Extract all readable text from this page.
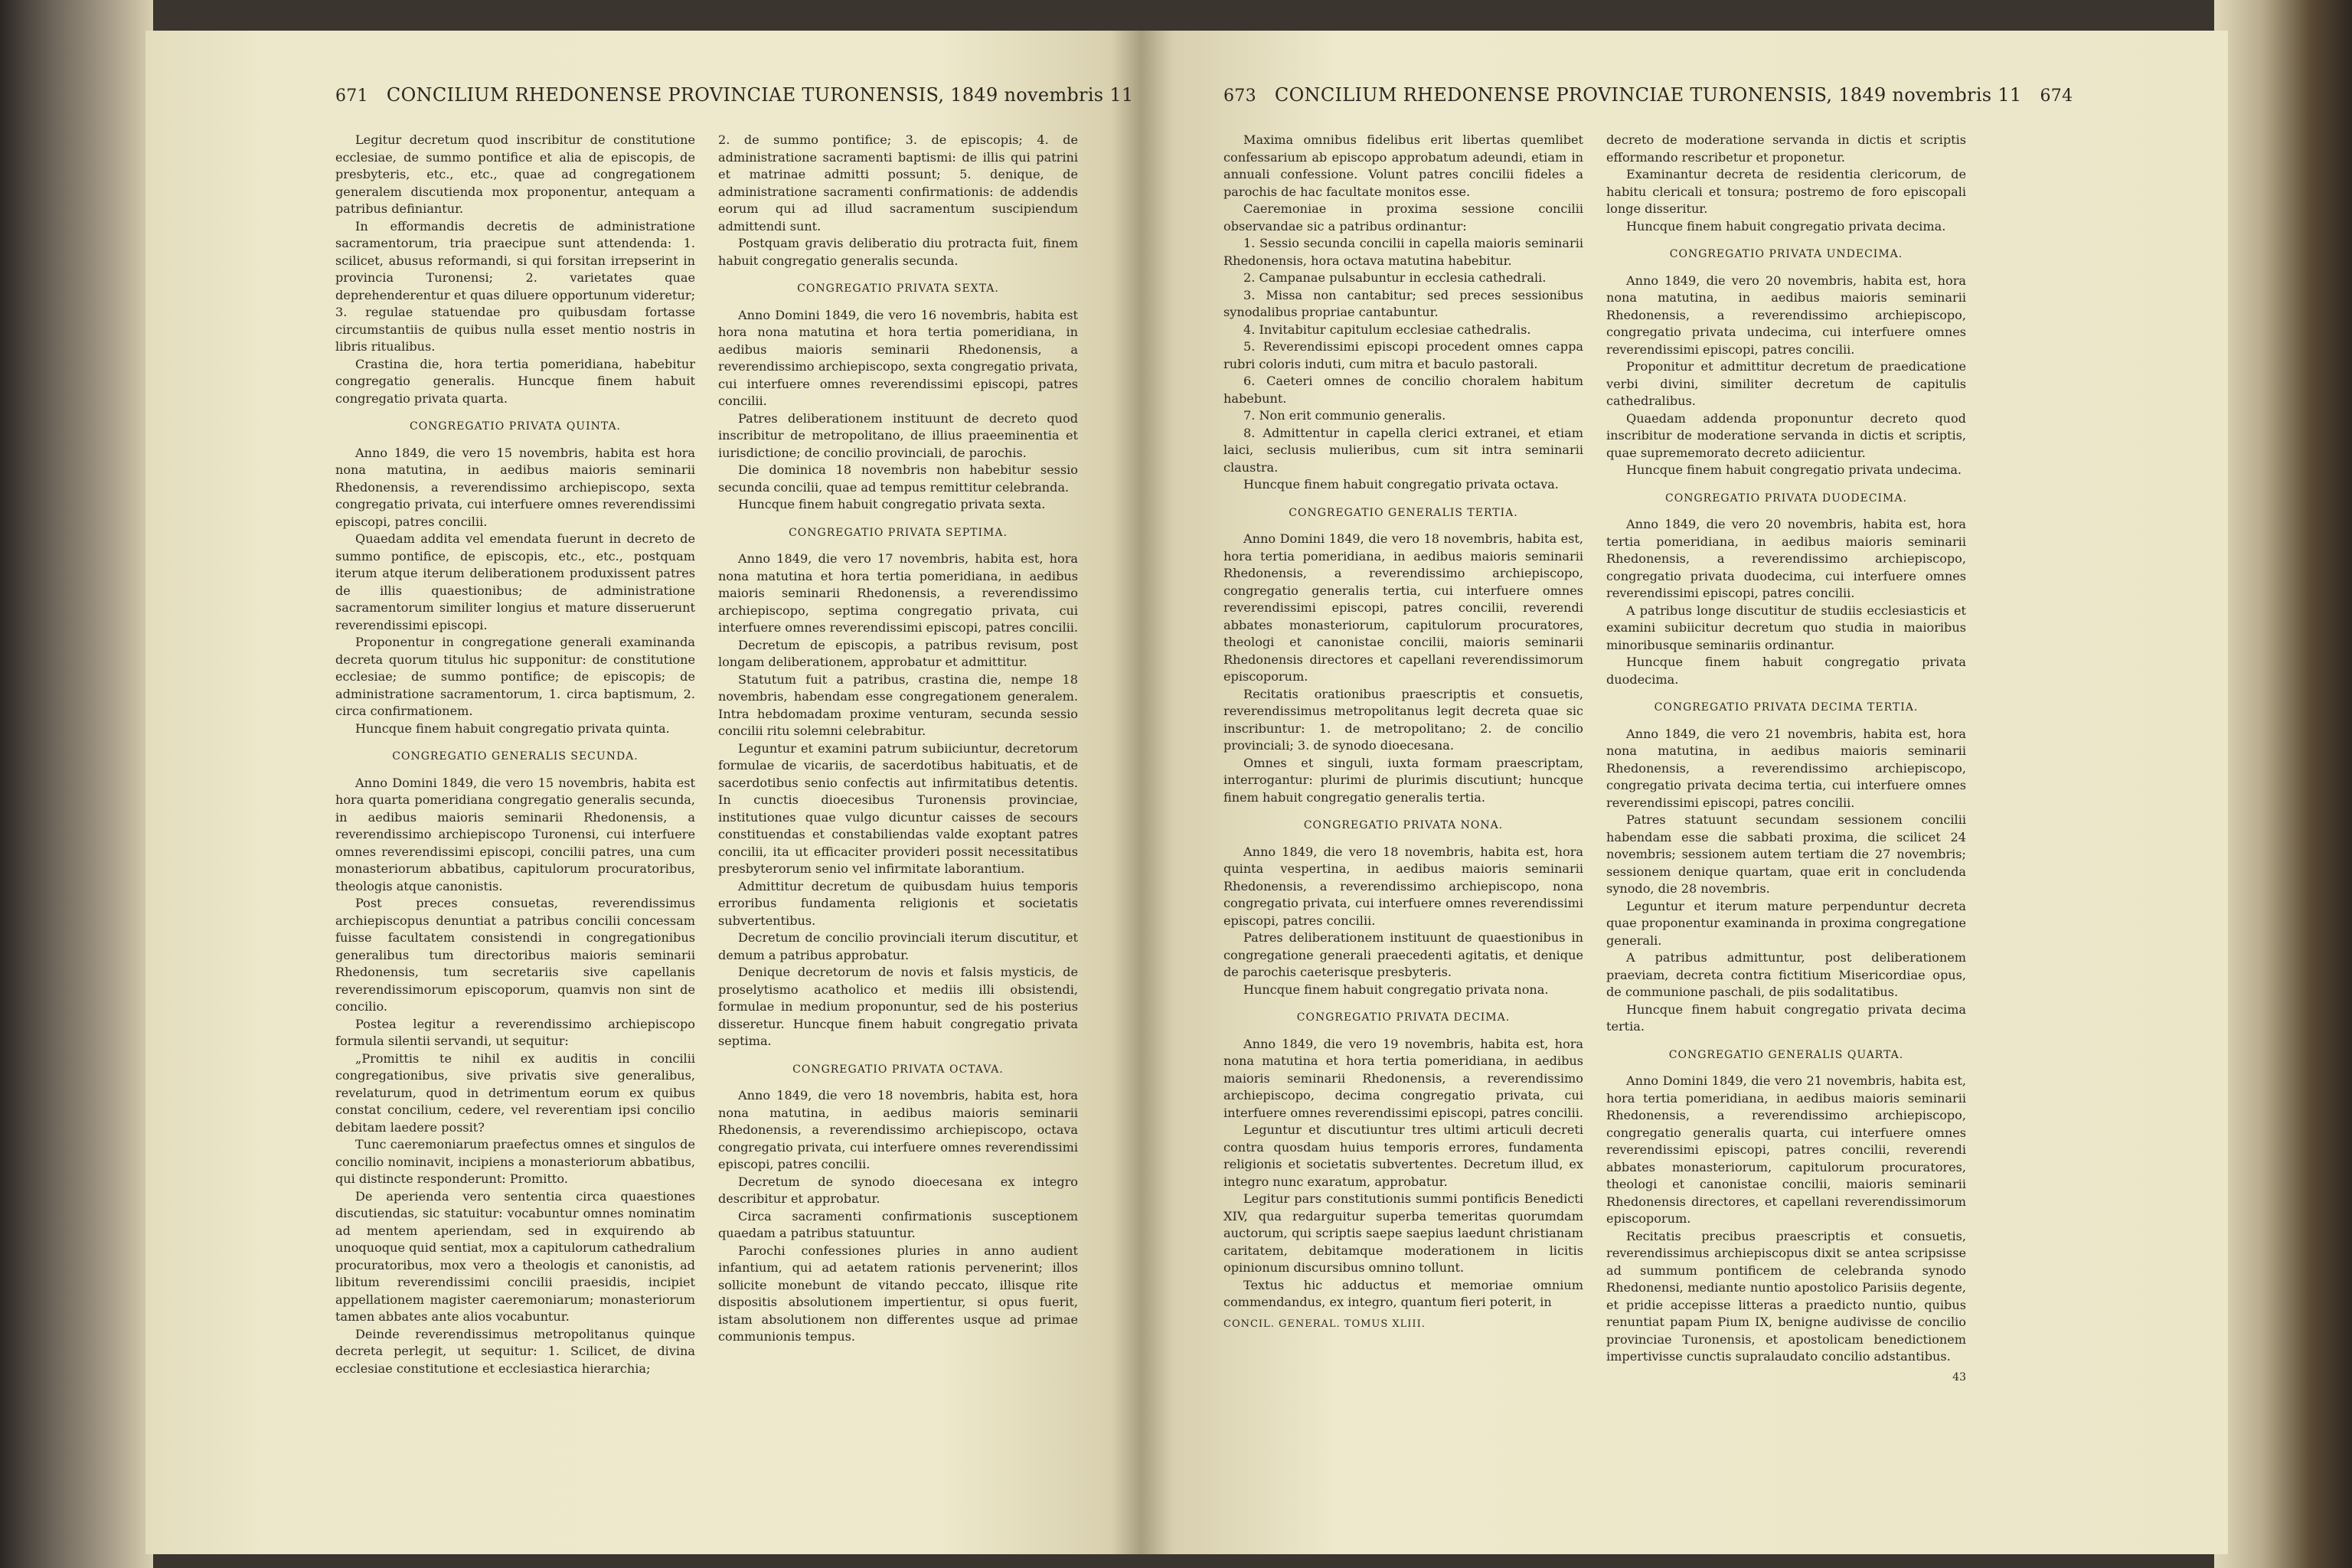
671 CONCILIUM RHEDONENSE PROVINCIAE TURONENSIS, 1849 novembris 11

Legitur decretum quod inscribitur de constitutione ecclesiae, de summo pontifice et alia de episcopis, de presbyteris, etc., etc., quae ad congregationem generalem discutienda mox proponentur, antequam a patribus definiantur.

In efformandis decretis de administratione sacramentorum, tria praecipue sunt attendenda: 1. scilicet, abusus reformandi, si qui forsitan irrepserint in provincia Turonensi; 2. varietates quae deprehenderentur et quas diluere opportunum videretur; 3. regulae statuendae pro quibusdam fortasse circumstantiis de quibus nulla esset mentio nostris in libris ritualibus.

Crastina die, hora tertia pomeridiana, habebitur congregatio generalis. Huncque finem habuit congregatio privata quarta.

CONGREGATIO PRIVATA QUINTA.

Anno 1849, die vero 15 novembris, habita est hora nona matutina, in aedibus maioris seminarii Rhedonensis, a reverendissimo archiepiscopo, sexta congregatio privata, cui interfuere omnes reverendissimi episcopi, patres concilii.

Quaedam addita vel emendata fuerunt in decreto de summo pontifice, de episcopis, etc., etc., postquam iterum atque iterum deliberationem produxissent patres de illis quaestionibus; de administratione sacramentorum similiter longius et mature disseruerunt reverendissimi episcopi.

Proponentur in congregatione generali examinanda decreta quorum titulus hic supponitur: de constitutione ecclesiae; de summo pontifice; de episcopis; de administratione sacramentorum, 1. circa baptismum, 2. circa confirmationem.

Huncque finem habuit congregatio privata quinta.

CONGREGATIO GENERALIS SECUNDA.

Anno Domini 1849, die vero 15 novembris, habita est hora quarta pomeridiana congregatio generalis secunda, in aedibus maioris seminarii Rhedonensis, a reverendissimo archiepiscopo Turonensi, cui interfuere omnes reverendissimi episcopi, concilii patres, una cum monasteriorum abbatibus, capitulorum procuratoribus, theologis atque canonistis.

Post preces consuetas, reverendissimus archiepiscopus denuntiat a patribus concilii concessam fuisse facultatem consistendi in congregationibus generalibus tum directoribus maioris seminarii Rhedonensis, tum secretariis sive capellanis reverendissimorum episcoporum, quamvis non sint de concilio.

Postea legitur a reverendissimo archiepiscopo formula silentii servandi, ut sequitur:

„Promittis te nihil ex auditis in concilii congregationibus, sive privatis sive generalibus, revelaturum, quod in detrimentum eorum ex quibus constat concilium, cedere, vel reverentiam ipsi concilio debitam laedere possit?

Tunc caeremoniarum praefectus omnes et singulos de concilio nominavit, incipiens a monasteriorum abbatibus, qui distincte responderunt: Promitto.

De aperienda vero sententia circa quaestiones discutiendas, sic statuitur: vocabuntur omnes nominatim ad mentem aperiendam, sed in exquirendo ab unoquoque quid sentiat, mox a capitulorum cathedralium procuratoribus, mox vero a theologis et canonistis, ad libitum reverendissimi concilii praesidis, incipiet appellationem magister caeremoniarum; monasteriorum tamen abbates ante alios vocabuntur.

Deinde reverendissimus metropolitanus quinque decreta perlegit, ut sequitur: 1. Scilicet, de divina ecclesiae constitutione et ecclesiastica hierarchia;

2. de summo pontifice; 3. de episcopis; 4. de administratione sacramenti baptismi: de illis qui patrini et matrinae admitti possunt; 5. denique, de administratione sacramenti confirmationis: de addendis eorum qui ad illud sacramentum suscipiendum admittendi sunt.

Postquam gravis deliberatio diu protracta fuit, finem habuit congregatio generalis secunda.

CONGREGATIO PRIVATA SEXTA.

Anno Domini 1849, die vero 16 novembris, habita est hora nona matutina et hora tertia pomeridiana, in aedibus maioris seminarii Rhedonensis, a reverendissimo archiepiscopo, sexta congregatio privata, cui interfuere omnes reverendissimi episcopi, patres concilii.

Patres deliberationem instituunt de decreto quod inscribitur de metropolitano, de illius praeeminentia et iurisdictione; de concilio provinciali, de parochis.

Die dominica 18 novembris non habebitur sessio secunda concilii, quae ad tempus remittitur celebranda.

Huncque finem habuit congregatio privata sexta.

CONGREGATIO PRIVATA SEPTIMA.

Anno 1849, die vero 17 novembris, habita est, hora nona matutina et hora tertia pomeridiana, in aedibus maioris seminarii Rhedonensis, a reverendissimo archiepiscopo, septima congregatio privata, cui interfuere omnes reverendissimi episcopi, patres concilii.

Decretum de episcopis, a patribus revisum, post longam deliberationem, approbatur et admittitur.

Statutum fuit a patribus, crastina die, nempe 18 novembris, habendam esse congregationem generalem. Intra hebdomadam proxime venturam, secunda sessio concilii ritu solemni celebrabitur.

Leguntur et examini patrum subiiciuntur, decretorum formulae de vicariis, de sacerdotibus habituatis, et de sacerdotibus senio confectis aut infirmitatibus detentis. In cunctis dioecesibus Turonensis provinciae, institutiones quae vulgo dicuntur caisses de secours constituendas et constabiliendas valde exoptant patres concilii, ita ut efficaciter provideri possit necessitatibus presbyterorum senio vel infirmitate laborantium.

Admittitur decretum de quibusdam huius temporis erroribus fundamenta religionis et societatis subvertentibus.

Decretum de concilio provinciali iterum discutitur, et demum a patribus approbatur.

Denique decretorum de novis et falsis mysticis, de proselytismo acatholico et mediis illi obsistendi, formulae in medium proponuntur, sed de his posterius disseretur. Huncque finem habuit congregatio privata septima.

CONGREGATIO PRIVATA OCTAVA.

Anno 1849, die vero 18 novembris, habita est, hora nona matutina, in aedibus maioris seminarii Rhedonensis, a reverendissimo archiepiscopo, octava congregatio privata, cui interfuere omnes reverendissimi episcopi, patres concilii.

Decretum de synodo dioecesana ex integro describitur et approbatur.

Circa sacramenti confirmationis susceptionem quaedam a patribus statuuntur.

Parochi confessiones pluries in anno audient infantium, qui ad aetatem rationis pervenerint; illos sollicite monebunt de vitando peccato, illisque rite dispositis absolutionem impertientur, si opus fuerit, istam absolutionem non differentes usque ad primae communionis tempus.

673 CONCILIUM RHEDONENSE PROVINCIAE TURONENSIS, 1849 novembris 11 674

Maxima omnibus fidelibus erit libertas quemlibet confessarium ab episcopo approbatum adeundi, etiam in annuali confessione. Volunt patres concilii fideles a parochis de hac facultate monitos esse.

Caeremoniae in proxima sessione concilii observandae sic a patribus ordinantur:

1. Sessio secunda concilii in capella maioris seminarii Rhedonensis, hora octava matutina habebitur.

2. Campanae pulsabuntur in ecclesia cathedrali.

3. Missa non cantabitur; sed preces sessionibus synodalibus propriae cantabuntur.

4. Invitabitur capitulum ecclesiae cathedralis.

5. Reverendissimi episcopi procedent omnes cappa rubri coloris induti, cum mitra et baculo pastorali.

6. Caeteri omnes de concilio choralem habitum habebunt.

7. Non erit communio generalis.

8. Admittentur in capella clerici extranei, et etiam laici, seclusis mulieribus, cum sit intra seminarii claustra.

Huncque finem habuit congregatio privata octava.

CONGREGATIO GENERALIS TERTIA.

Anno Domini 1849, die vero 18 novembris, habita est, hora tertia pomeridiana, in aedibus maioris seminarii Rhedonensis, a reverendissimo archiepiscopo, congregatio generalis tertia, cui interfuere omnes reverendissimi episcopi, patres concilii, reverendi abbates monasteriorum, capitulorum procuratores, theologi et canonistae concilii, maioris seminarii Rhedonensis directores et capellani reverendissimorum episcoporum.

Recitatis orationibus praescriptis et consuetis, reverendissimus metropolitanus legit decreta quae sic inscribuntur: 1. de metropolitano; 2. de concilio provinciali; 3. de synodo dioecesana.

Omnes et singuli, iuxta formam praescriptam, interrogantur: plurimi de plurimis discutiunt; huncque finem habuit congregatio generalis tertia.

CONGREGATIO PRIVATA NONA.

Anno 1849, die vero 18 novembris, habita est, hora quinta vespertina, in aedibus maioris seminarii Rhedonensis, a reverendissimo archiepiscopo, nona congregatio privata, cui interfuere omnes reverendissimi episcopi, patres concilii.

Patres deliberationem instituunt de quaestionibus in congregatione generali praecedenti agitatis, et denique de parochis caeterisque presbyteris.

Huncque finem habuit congregatio privata nona.

CONGREGATIO PRIVATA DECIMA.

Anno 1849, die vero 19 novembris, habita est, hora nona matutina et hora tertia pomeridiana, in aedibus maioris seminarii Rhedonensis, a reverendissimo archiepiscopo, decima congregatio privata, cui interfuere omnes reverendissimi episcopi, patres concilii.

Leguntur et discutiuntur tres ultimi articuli decreti contra quosdam huius temporis errores, fundamenta religionis et societatis subvertentes. Decretum illud, ex integro nunc exaratum, approbatur.

Legitur pars constitutionis summi pontificis Benedicti XIV, qua redarguitur superba temeritas quorumdam auctorum, qui scriptis saepe saepius laedunt christianam caritatem, debitamque moderationem in licitis opinionum discursibus omnino tollunt.

Textus hic adductus et memoriae omnium commendandus, ex integro, quantum fieri poterit, in

CONCIL. GENERAL. TOMUS XLIII.

decreto de moderatione servanda in dictis et scriptis efformando rescribetur et proponetur.

Examinantur decreta de residentia clericorum, de habitu clericali et tonsura; postremo de foro episcopali longe disseritur.

Huncque finem habuit congregatio privata decima.

CONGREGATIO PRIVATA UNDECIMA.

Anno 1849, die vero 20 novembris, habita est, hora nona matutina, in aedibus maioris seminarii Rhedonensis, a reverendissimo archiepiscopo, congregatio privata undecima, cui interfuere omnes reverendissimi episcopi, patres concilii.

Proponitur et admittitur decretum de praedicatione verbi divini, similiter decretum de capitulis cathedralibus.

Quaedam addenda proponuntur decreto quod inscribitur de moderatione servanda in dictis et scriptis, quae suprememorato decreto adiicientur.

Huncque finem habuit congregatio privata undecima.

CONGREGATIO PRIVATA DUODECIMA.

Anno 1849, die vero 20 novembris, habita est, hora tertia pomeridiana, in aedibus maioris seminarii Rhedonensis, a reverendissimo archiepiscopo, congregatio privata duodecima, cui interfuere omnes reverendissimi episcopi, patres concilii.

A patribus longe discutitur de studiis ecclesiasticis et examini subiicitur decretum quo studia in maioribus minoribusque seminariis ordinantur.

Huncque finem habuit congregatio privata duodecima.

CONGREGATIO PRIVATA DECIMA TERTIA.

Anno 1849, die vero 21 novembris, habita est, hora nona matutina, in aedibus maioris seminarii Rhedonensis, a reverendissimo archiepiscopo, congregatio privata decima tertia, cui interfuere omnes reverendissimi episcopi, patres concilii.

Patres statuunt secundam sessionem concilii habendam esse die sabbati proxima, die scilicet 24 novembris; sessionem autem tertiam die 27 novembris; sessionem denique quartam, quae erit in concludenda synodo, die 28 novembris.

Leguntur et iterum mature perpenduntur decreta quae proponentur examinanda in proxima congregatione generali.

A patribus admittuntur, post deliberationem praeviam, decreta contra fictitium Misericordiae opus, de communione paschali, de piis sodalitatibus.

Huncque finem habuit congregatio privata decima tertia.

CONGREGATIO GENERALIS QUARTA.

Anno Domini 1849, die vero 21 novembris, habita est, hora tertia pomeridiana, in aedibus maioris seminarii Rhedonensis, a reverendissimo archiepiscopo, congregatio generalis quarta, cui interfuere omnes reverendissimi episcopi, patres concilii, reverendi abbates monasteriorum, capitulorum procuratores, theologi et canonistae concilii, maioris seminarii Rhedonensis directores, et capellani reverendissimorum episcoporum.

Recitatis precibus praescriptis et consuetis, reverendissimus archiepiscopus dixit se antea scripsisse ad summum pontificem de celebranda synodo Rhedonensi, mediante nuntio apostolico Parisiis degente, et pridie accepisse litteras a praedicto nuntio, quibus renuntiat papam Pium IX, benigne audivisse de concilio provinciae Turonensis, et apostolicam benedictionem impertivisse cunctis supralaudato concilio adstantibus.

43
